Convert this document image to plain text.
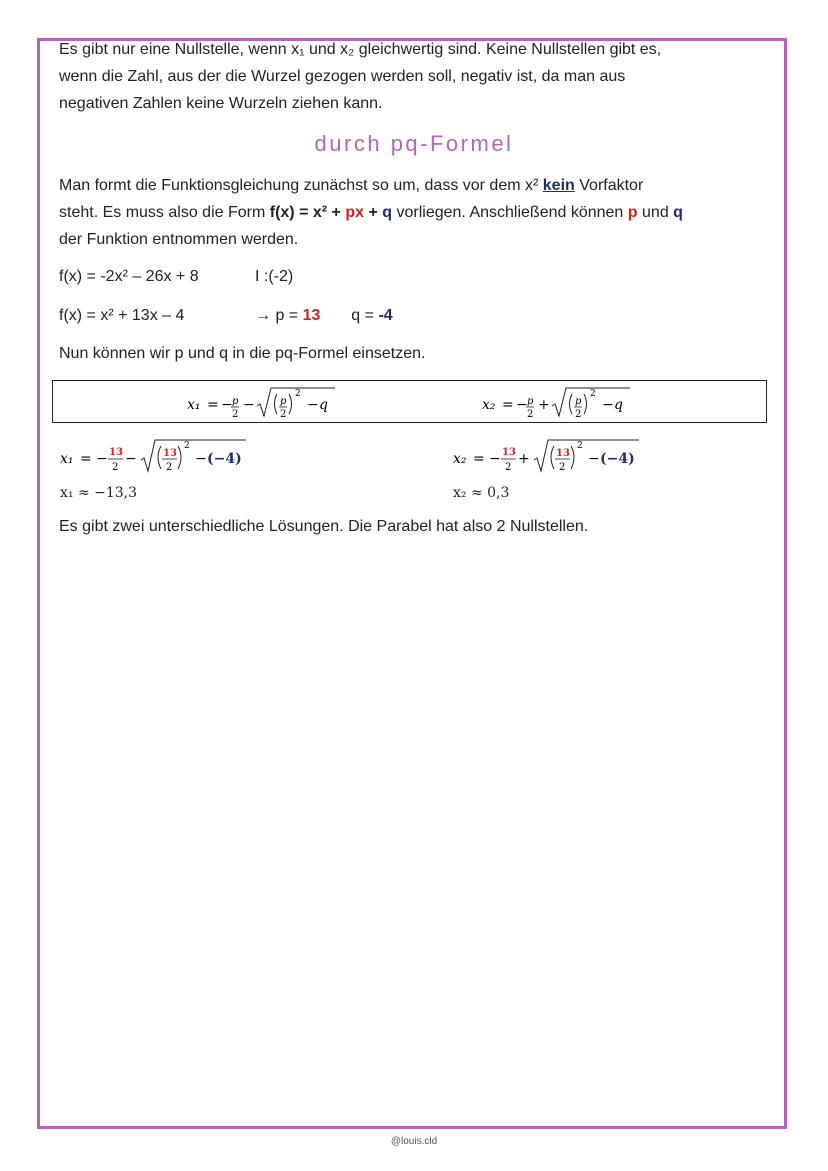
Es gibt nur eine Nullstelle, wenn x₁ und x₂ gleichwertig sind. Keine Nullstellen gibt es,
wenn die Zahl, aus der die Wurzel gezogen werden soll, negativ ist, da man aus
negativen Zahlen keine Wurzeln ziehen kann.
durch pq-Formel
Man formt die Funktionsgleichung zunächst so um, dass vor dem x² kein Vorfaktor
steht. Es muss also die Form f(x) = x² + px + q vorliegen. Anschließend können p und q
der Funktion entnommen werden.
f(x) = -2x² – 26x + 8	I :(-2)
f(x) = x² + 13x – 4	→ p = 13 q = -4
Nun können wir p und q in die pq-Formel einsetzen.
x₁ = − p
2
−	p
2
2
− q	x₂ = − p
2
+	p
2
2
− q
x₁ = − 13
2
−	13
2
2
− (−4)	x₂ = − 13
2
+	13
2
2
− (−4)
x₁ ≈ −13,3	x₂ ≈ 0,3
Es gibt zwei unterschiedliche Lösungen. Die Parabel hat also 2 Nullstellen.
@louis.cld
